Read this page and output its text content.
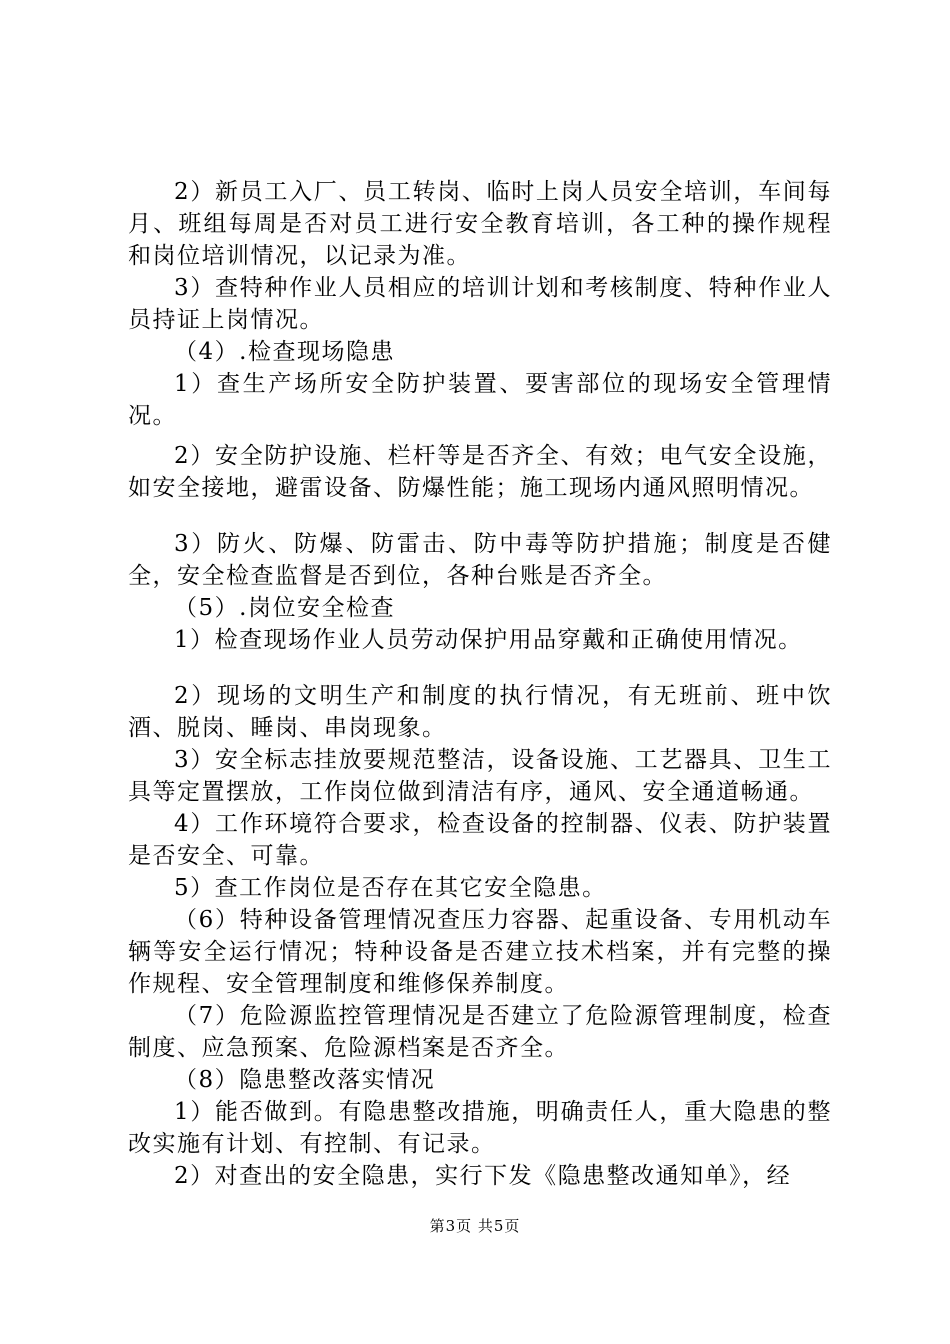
2）新员工入厂、员工转岗、临时上岗人员安全培训，车间每月、班组每周是否对员工进行安全教育培训，各工种的操作规程和岗位培训情况，以记录为准。

3）查特种作业人员相应的培训计划和考核制度、特种作业人员持证上岗情况。

（4）.检查现场隐患

1）查生产场所安全防护装置、要害部位的现场安全管理情况。

2）安全防护设施、栏杆等是否齐全、有效；电气安全设施，如安全接地，避雷设备、防爆性能；施工现场内通风照明情况。

3）防火、防爆、防雷击、防中毒等防护措施；制度是否健全，安全检查监督是否到位，各种台账是否齐全。

（5）.岗位安全检查

1）检查现场作业人员劳动保护用品穿戴和正确使用情况。

2）现场的文明生产和制度的执行情况，有无班前、班中饮酒、脱岗、睡岗、串岗现象。

3）安全标志挂放要规范整洁，设备设施、工艺器具、卫生工具等定置摆放，工作岗位做到清洁有序，通风、安全通道畅通。

4）工作环境符合要求，检查设备的控制器、仪表、防护装置是否安全、可靠。

5）查工作岗位是否存在其它安全隐患。

（6）特种设备管理情况查压力容器、起重设备、专用机动车辆等安全运行情况；特种设备是否建立技术档案，并有完整的操作规程、安全管理制度和维修保养制度。

（7）危险源监控管理情况是否建立了危险源管理制度，检查制度、应急预案、危险源档案是否齐全。

（8）隐患整改落实情况

1）能否做到。有隐患整改措施，明确责任人，重大隐患的整改实施有计划、有控制、有记录。

2）对查出的安全隐患，实行下发《隐患整改通知单》，经

第3页 共5页
